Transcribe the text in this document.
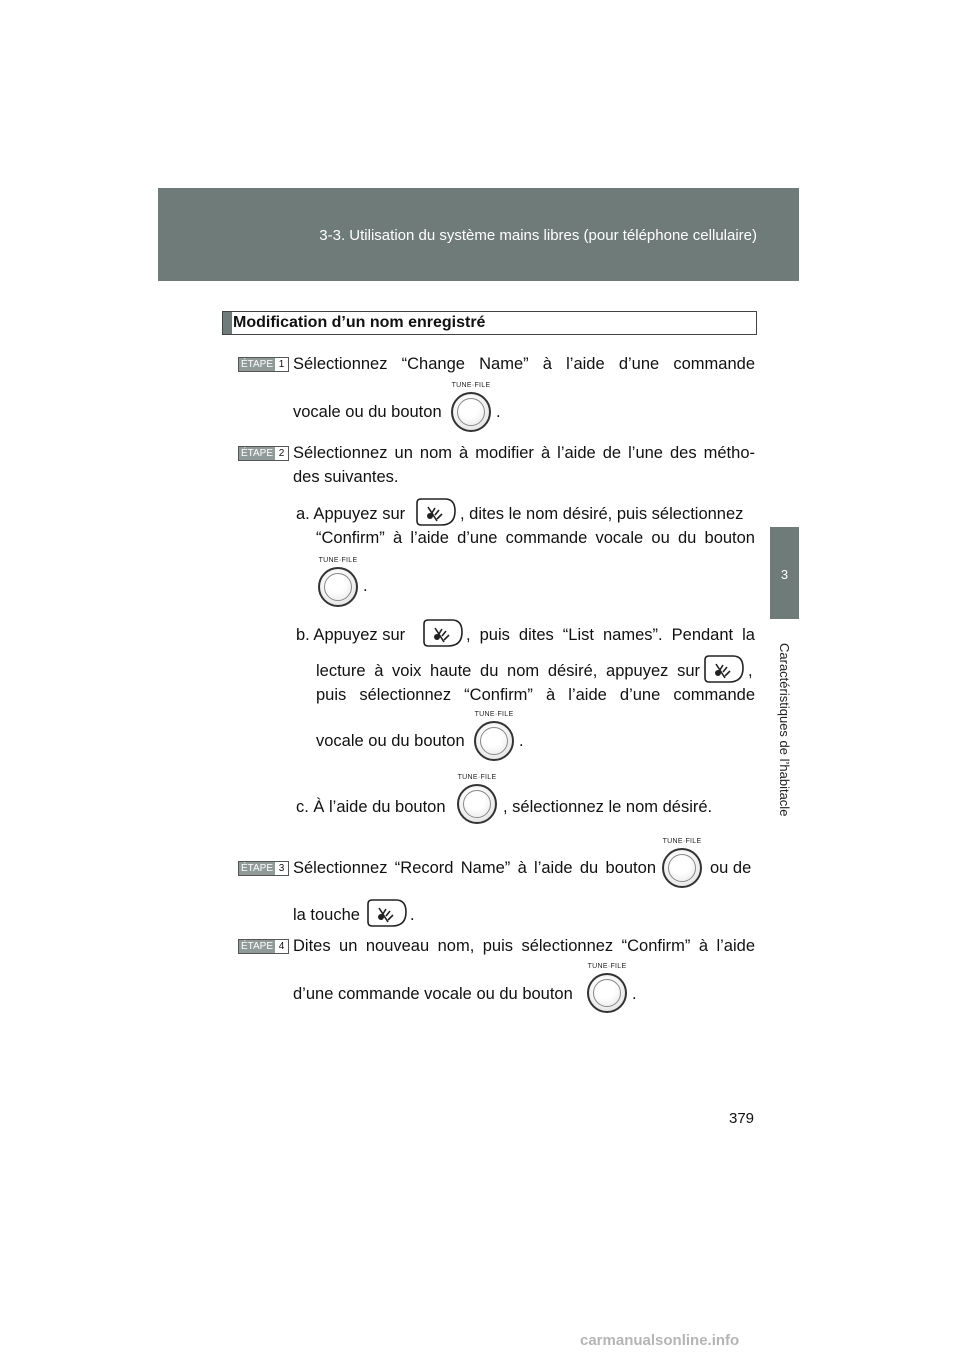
3-3. Utilisation du système mains libres (pour téléphone cellulaire)
3
Caractéristiques de l’habitacle
Modification d’un nom enregistré
ÉTAPE 1 Sélectionnez “Change Name” à l’aide d’une commande
vocale ou du bouton
TUNE·FILE
.
ÉTAPE 2 Sélectionnez un nom à modifier à l’aide de l’une des métho-
des suivantes.
a. Appuyez sur	, dites le nom désiré, puis sélectionnez
“Confirm” à l’aide d’une commande vocale ou du bouton
TUNE·FILE
.
b. Appuyez sur	, puis dites “List names”. Pendant la
lecture à voix haute du nom désiré, appuyez sur	,
puis sélectionnez “Confirm” à l’aide d’une commande
vocale ou du bouton
TUNE·FILE
.
c. À l’aide du bouton
TUNE·FILE
, sélectionnez le nom désiré.
ÉTAPE 3 Sélectionnez “Record Name” à l’aide du bouton
TUNE·FILE
ou de
la touche	.
ÉTAPE 4 Dites un nouveau nom, puis sélectionnez “Confirm” à l’aide
d’une commande vocale ou du bouton
TUNE·FILE
.
379
carmanualsonline.info
